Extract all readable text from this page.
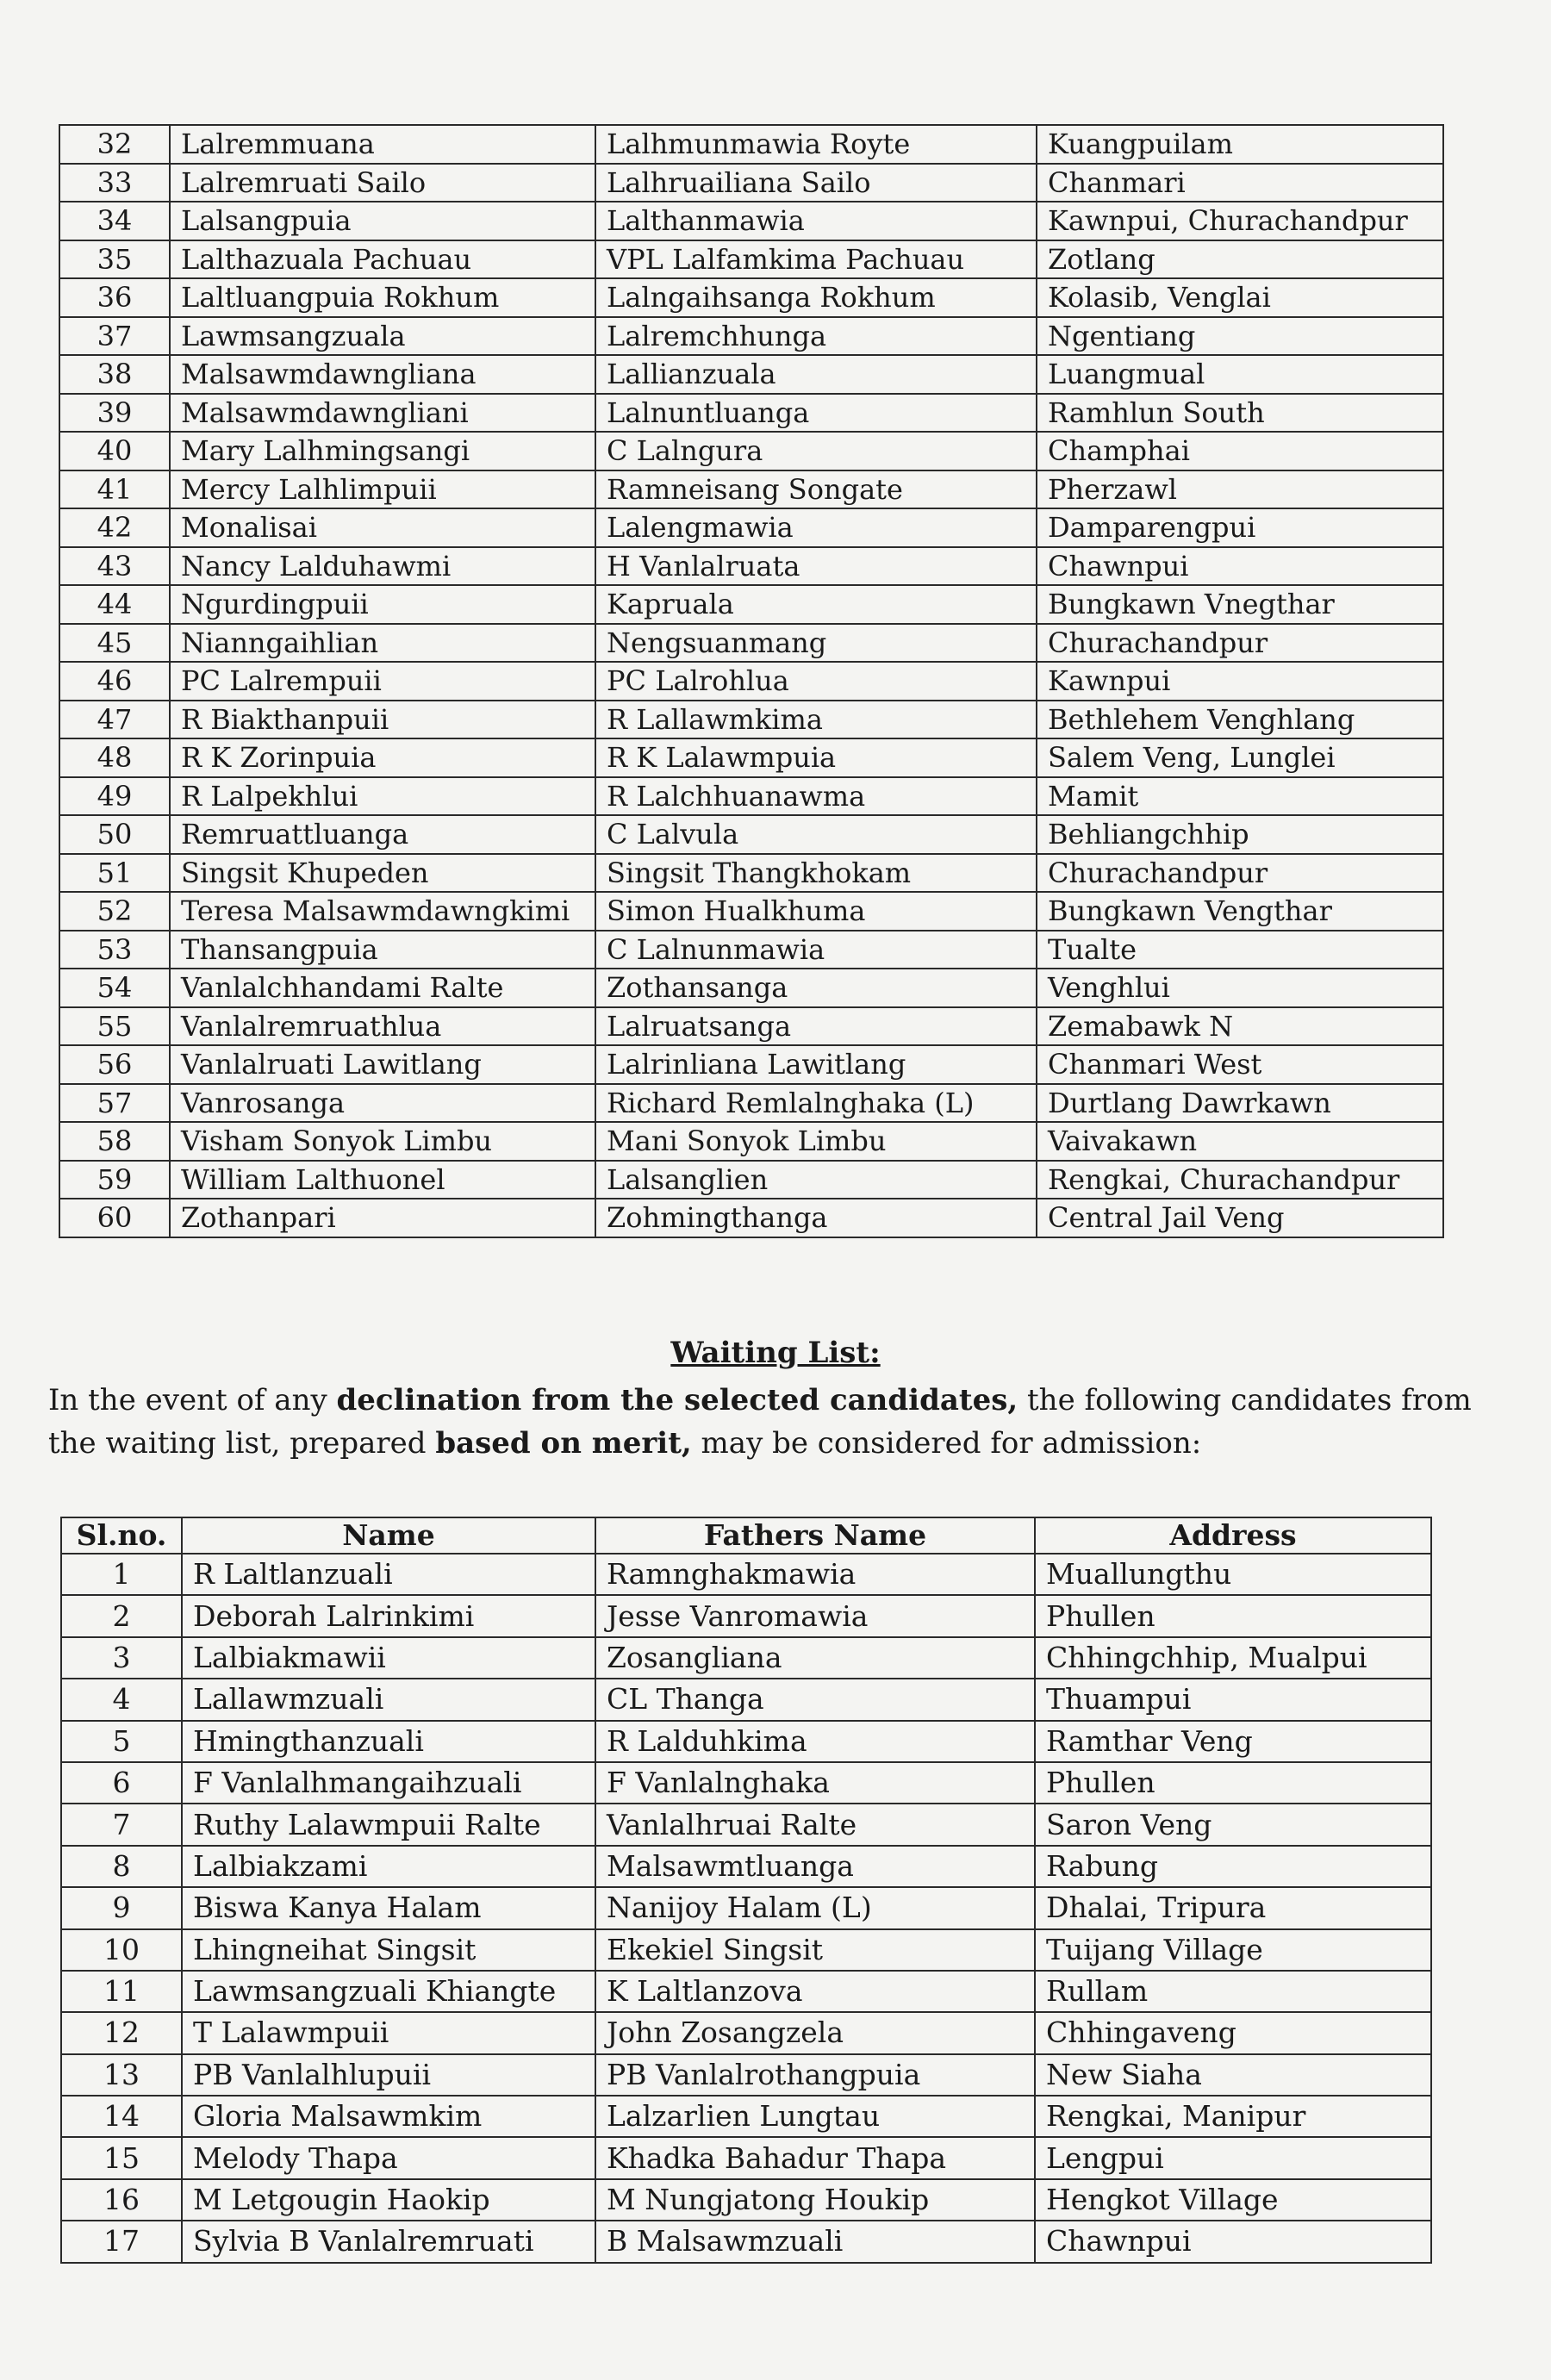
32	Lalremmuana	Lalhmunmawia Royte	Kuangpuilam
33	Lalremruati Sailo	Lalhruailiana Sailo	Chanmari
34	Lalsangpuia	Lalthanmawia	Kawnpui, Churachandpur
35	Lalthazuala Pachuau	VPL Lalfamkima Pachuau	Zotlang
36	Laltluangpuia Rokhum	Lalngaihsanga Rokhum	Kolasib, Venglai
37	Lawmsangzuala	Lalremchhunga	Ngentiang
38	Malsawmdawngliana	Lallianzuala	Luangmual
39	Malsawmdawngliani	Lalnuntluanga	Ramhlun South
40	Mary Lalhmingsangi	C Lalngura	Champhai
41	Mercy Lalhlimpuii	Ramneisang Songate	Pherzawl
42	Monalisai	Lalengmawia	Damparengpui
43	Nancy Lalduhawmi	H Vanlalruata	Chawnpui
44	Ngurdingpuii	Kapruala	Bungkawn Vnegthar
45	Nianngaihlian	Nengsuanmang	Churachandpur
46	PC Lalrempuii	PC Lalrohlua	Kawnpui
47	R Biakthanpuii	R Lallawmkima	Bethlehem Venghlang
48	R K Zorinpuia	R K Lalawmpuia	Salem Veng, Lunglei
49	R Lalpekhlui	R Lalchhuanawma	Mamit
50	Remruattluanga	C Lalvula	Behliangchhip
51	Singsit Khupeden	Singsit Thangkhokam	Churachandpur
52	Teresa Malsawmdawngkimi	Simon Hualkhuma	Bungkawn Vengthar
53	Thansangpuia	C Lalnunmawia	Tualte
54	Vanlalchhandami Ralte	Zothansanga	Venghlui
55	Vanlalremruathlua	Lalruatsanga	Zemabawk N
56	Vanlalruati Lawitlang	Lalrinliana Lawitlang	Chanmari West
57	Vanrosanga	Richard Remlalnghaka (L)	Durtlang Dawrkawn
58	Visham Sonyok Limbu	Mani Sonyok Limbu	Vaivakawn
59	William Lalthuonel	Lalsanglien	Rengkai, Churachandpur
60	Zothanpari	Zohmingthanga	Central Jail Veng
Waiting List:
In the event of any declination from the selected candidates, the following candidates from the waiting list, prepared based on merit, may be considered for admission:
Sl.no.	Name	Fathers Name	Address
1	R Laltlanzuali	Ramnghakmawia	Muallungthu
2	Deborah Lalrinkimi	Jesse Vanromawia	Phullen
3	Lalbiakmawii	Zosangliana	Chhingchhip, Mualpui
4	Lallawmzuali	CL Thanga	Thuampui
5	Hmingthanzuali	R Lalduhkima	Ramthar Veng
6	F Vanlalhmangaihzuali	F Vanlalnghaka	Phullen
7	Ruthy Lalawmpuii Ralte	Vanlalhruai Ralte	Saron Veng
8	Lalbiakzami	Malsawmtluanga	Rabung
9	Biswa Kanya Halam	Nanijoy Halam (L)	Dhalai, Tripura
10	Lhingneihat Singsit	Ekekiel Singsit	Tuijang Village
11	Lawmsangzuali Khiangte	K Laltlanzova	Rullam
12	T Lalawmpuii	John Zosangzela	Chhingaveng
13	PB Vanlalhlupuii	PB Vanlalrothangpuia	New Siaha
14	Gloria Malsawmkim	Lalzarlien Lungtau	Rengkai, Manipur
15	Melody Thapa	Khadka Bahadur Thapa	Lengpui
16	M Letgougin Haokip	M Nungjatong Houkip	Hengkot Village
17	Sylvia B Vanlalremruati	B Malsawmzuali	Chawnpui
